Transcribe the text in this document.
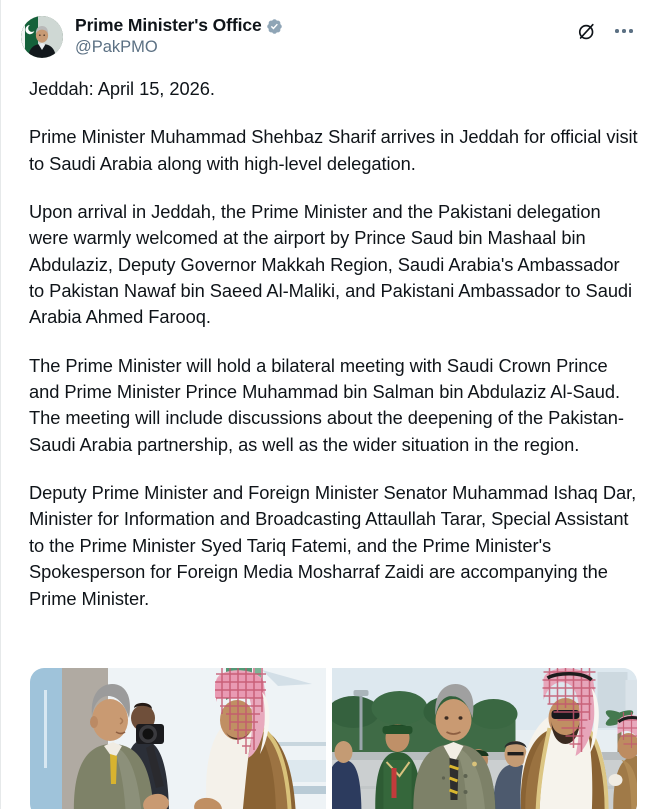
Prime Minister's Office
@PakPMO

Jeddah: April 15, 2026.

Prime Minister Muhammad Shehbaz Sharif arrives in Jeddah for official visit to Saudi Arabia along with high-level delegation.

Upon arrival in Jeddah, the Prime Minister and the Pakistani delegation were warmly welcomed at the airport by Prince Saud bin Mashaal bin Abdulaziz, Deputy Governor Makkah Region, Saudi Arabia's Ambassador to Pakistan Nawaf bin Saeed Al-Maliki, and Pakistani Ambassador to Saudi Arabia Ahmed Farooq.

The Prime Minister will hold a bilateral meeting with Saudi Crown Prince and Prime Minister Prince Muhammad bin Salman bin Abdulaziz Al-Saud. The meeting will include discussions about the deepening of the Pakistan-Saudi Arabia partnership, as well as the wider situation in the region.

Deputy Prime Minister and Foreign Minister Senator Muhammad Ishaq Dar, Minister for Information and Broadcasting Attaullah Tarar, Special Assistant to the Prime Minister Syed Tariq Fatemi, and the Prime Minister's Spokesperson for Foreign Media Mosharraf Zaidi are accompanying the Prime Minister.
